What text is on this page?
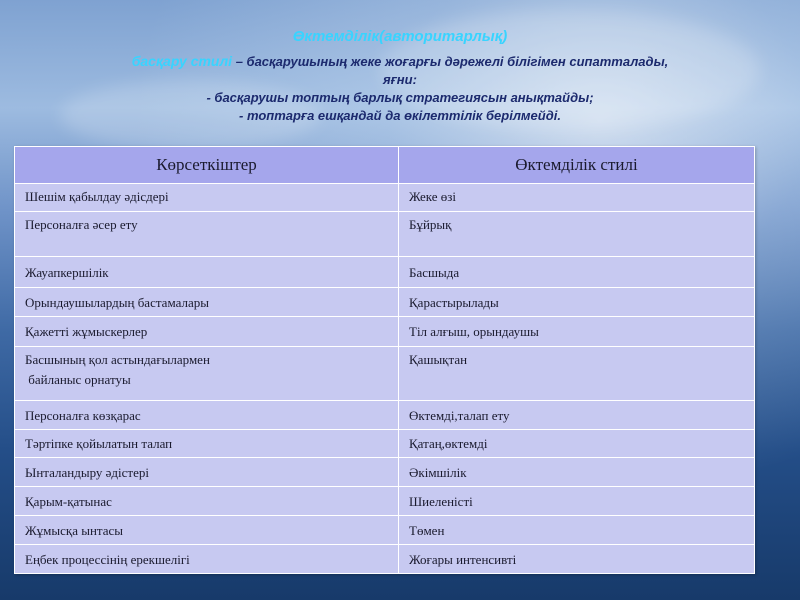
Өктемділік(авторитарлық)
басқару стилі – басқарушының жеке жоғарғы дәрежелі білігімен сипатталады,
яғни:
- басқарушы топтың барлық стратегиясын анықтайды;
- топтарға ешқандай да өкілеттілік берілмейді.
Көрсеткіштер	Өктемділік стилі
Шешім қабылдау әдісдері	Жеке өзі
Персоналға әсер ету	Бұйрық
Жауапкершілік	Басшыда
Орындаушылардың бастамалары	Қарастырылады
Қажетті жұмыскерлер	Тіл алғыш, орындаушы

Басшының қол астындағылармен
байланыс орнатуы	Қашықтан
Персоналға көзқарас	Өктемді,талап ету
Тәртіпке қойылатын талап	Қатаң,өктемді
Ынталандыру әдістері	Әкімшілік
Қарым-қатынас	Шиеленісті
Жұмысқа ынтасы	Төмен
Еңбек процессінің ерекшелігі	Жоғары интенсивті
